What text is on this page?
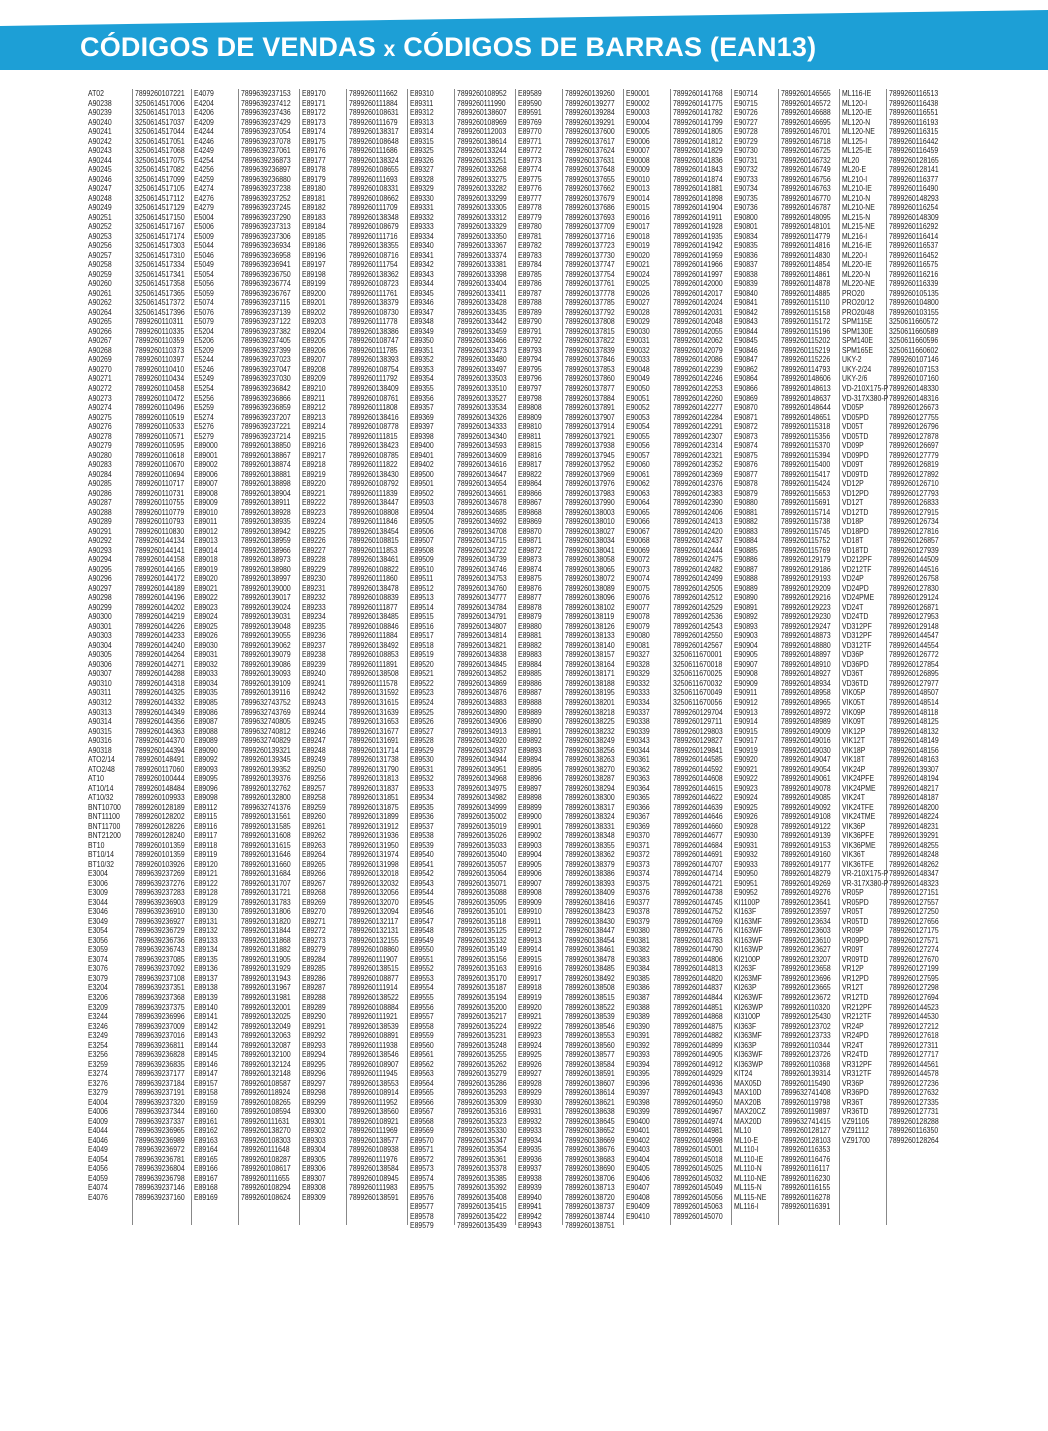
CÓDIGOS DE VENDAS x CÓDIGOS DE BARRAS (EAN13)
AT02
A90238
A90239
A90240
A90241
A90242
A90243
A90244
A90245
A90246
A90247
A90248
A90249
A90251
A90252
A90253
A90256
A90257
A90258
A90259
A90260
A90261
A90262
A90264
A90265
A90266
A90267
A90268
A90269
A90270
A90271
A90272
A90273
A90274
A90275
A90276
A90278
A90279
A90280
A90283
A90284
A90285
A90286
A90287
A90288
A90289
A90291
A90292
A90293
A90294
A90295
A90296
A90297
A90298
A90299
A90300
A90301
A90303
A90304
A90305
A90306
A90307
A90310
A90311
A90312
A90313
A90314
A90315
A90316
A90318
ATO2/14
ATO2/48
AT10
AT10/14
AT10/32
BNT10700
BNT11100
BNT11700
BNT21200
BT10
BT10/14
BT10/32
E3004
E3006
E3009
E3044
E3046
E3049
E3054
E3056
E3059
E3074
E3076
E3079
E3204
E3206
E3209
E3244
E3246
E3249
E3254
E3256
E3259
E3274
E3276
E3279
E4004
E4006
E4009
E4044
E4046
E4049
E4054
E4056
E4059
E4074
E4076
7899260107221
3250614517006
3250614517013
3250614517037
3250614517044
3250614517051
3250614517068
3250614517075
3250614517082
3250614517099
3250614517105
3250614517112
3250614517129
3250614517150
3250614517167
3250614517174
3250614517303
3250614517310
3250614517334
3250614517341
3250614517358
3250614517365
3250614517372
3250614517396
7899260110311
7899260110335
7899260110359
7899260110373
7899260110397
7899260110410
7899260110434
7899260110458
7899260110472
7899260110496
7899260110519
7899260110533
7899260110571
7899260110595
7899260110618
7899260110670
7899260110694
7899260110717
7899260110731
7899260110755
7899260110779
7899260110793
7899260110830
7899260144134
7899260144141
7899260144158
7899260144165
7899260144172
7899260144189
7899260144196
7899260144202
7899260144219
7899260144226
7899260144233
7899260144240
7899260144264
7899260144271
7899260144288
7899260144318
7899260144325
7899260144332
7899260144349
7899260144356
7899260144363
7899260144370
7899260144394
7899260148491
7899260117060
7899260100444
7899260148484
7899260109933
7899260128189
7899260128202
7899260128226
7899260128240
7899260101359
7899260101359
7899260103926
7899639237269
7899639237276
7899639237283
7899639236903
7899639236910
7899639236927
7899639236729
7899639236736
7899639236743
7899639237085
7899639237092
7899639237108
7899639237351
7899639237368
7899639237375
7899639236996
7899639237009
7899639237016
7899639236811
7899639236828
7899639236835
7899639237177
7899639237184
7899639237191
7899639237320
7899639237344
7899639237337
7899639236965
7899639236989
7899639236972
7899639236781
7899639236804
7899639236798
7899639237146
7899639237160
E4079
E4204
E4206
E4209
E4244
E4246
E4249
E4254
E4256
E4259
E4274
E4276
E4279
E5004
E5006
E5009
E5044
E5046
E5049
E5054
E5056
E5059
E5074
E5076
E5079
E5204
E5206
E5209
E5244
E5246
E5249
E5254
E5256
E5259
E5274
E5276
E5279
E89000
E89001
E89002
E89006
E89007
E89008
E89009
E89010
E89011
E89012
E89013
E89014
E89018
E89019
E89020
E89021
E89022
E89023
E89024
E89025
E89026
E89030
E89031
E89032
E89033
E89034
E89035
E89085
E89086
E89087
E89088
E89089
E89090
E89092
E89093
E89095
E89096
E89098
E89112
E89115
E89116
E89117
E89118
E89119
E89120
E89121
E89122
E89128
E89129
E89130
E89131
E89132
E89133
E89134
E89135
E89136
E89137
E89138
E89139
E89140
E89141
E89142
E89143
E89144
E89145
E89146
E89147
E89157
E89158
E89159
E89160
E89161
E89162
E89163
E89164
E89165
E89166
E89167
E89168
E89169
7899639237153
7899639237412
7899639237436
7899639237429
7899639237054
7899639237078
7899639237061
7899639236873
7899639236897
7899639236880
7899639237238
7899639237252
7899639237245
7899639237290
7899639237313
7899639237306
7899639236934
7899639236958
7899639236941
7899639236750
7899639236774
7899639236767
7899639237115
7899639237139
7899639237122
7899639237382
7899639237405
7899639237399
7899639237023
7899639237047
7899639237030
7899639236842
7899639236866
7899639236859
7899639237207
7899639237221
7899639237214
7899260138850
7899260138867
7899260138874
7899260138881
7899260138898
7899260138904
7899260138911
7899260138928
7899260138935
7899260138942
7899260138959
7899260138966
7899260138973
7899260138980
7899260138997
7899260139000
7899260139017
7899260139024
7899260139031
7899260139048
7899260139055
7899260139062
7899260139079
7899260139086
7899260139093
7899260139109
7899260139116
7899632743752
7899632743769
7899632740805
7899632740812
7899632740829
7899260139321
7899260139345
7899260139352
7899260139376
7899260132762
7899260132800
7899632741376
7899260131561
7899260131585
7899260131608
7899260131615
7899260131646
7899260131660
7899260131684
7899260131707
7899260131721
7899260131783
7899260131806
7899260131820
7899260131844
7899260131868
7899260131882
7899260131905
7899260131929
7899260131943
7899260131967
7899260131981
7899260132001
7899260132025
7899260132049
7899260132063
7899260132087
7899260132100
7899260132124
7899260132148
7899260108587
7899260118924
7899260108265
7899260108594
7899260111631
7899260138270
7899260108303
7899260111648
7899260108287
7899260108617
7899260111655
7899260108294
7899260108624
E89170
E89171
E89172
E89173
E89174
E89175
E89176
E89177
E89178
E89179
E89180
E89181
E89182
E89183
E89184
E89185
E89186
E89196
E89197
E89198
E89199
E89200
E89201
E89202
E89203
E89204
E89205
E89206
E89207
E89208
E89209
E89210
E89211
E89212
E89213
E89214
E89215
E89216
E89217
E89218
E89219
E89220
E89221
E89222
E89223
E89224
E89225
E89226
E89227
E89228
E89229
E89230
E89231
E89232
E89233
E89234
E89235
E89236
E89237
E89238
E89239
E89240
E89241
E89242
E89243
E89244
E89245
E89246
E89247
E89248
E89249
E89250
E89256
E89257
E89258
E89259
E89260
E89261
E89262
E89263
E89264
E89265
E89266
E89267
E89268
E89269
E89270
E89271
E89272
E89273
E89279
E89284
E89285
E89286
E89287
E89288
E89289
E89290
E89291
E89292
E89293
E89294
E89295
E89296
E89297
E89298
E89299
E89300
E89301
E89302
E89303
E89304
E89305
E89306
E89307
E89308
E89309
7899260111662
7899260111884
7899260108631
7899260111679
7899260138317
7899260108648
7899260111686
7899260138324
7899260108655
7899260111693
7899260108331
7899260108662
7899260111709
7899260138348
7899260108679
7899260111716
7899260138355
7899260108716
7899260111754
7899260138362
7899260108723
7899260111761
7899260138379
7899260108730
7899260111778
7899260138386
7899260108747
7899260111785
7899260138393
7899260108754
7899260111792
7899260138409
7899260108761
7899260111808
7899260138416
7899260108778
7899260111815
7899260138423
7899260108785
7899260111822
7899260138430
7899260108792
7899260111839
7899260138447
7899260108808
7899260111846
7899260138454
7899260108815
7899260111853
7899260138461
7899260108822
7899260111860
7899260138478
7899260108839
7899260111877
7899260138485
7899260108846
7899260111884
7899260138492
7899260108853
7899260111891
7899260138508
7899260111578
7899260131592
7899260131615
7899260131639
7899260131653
7899260131677
7899260131691
7899260131714
7899260131738
7899260131790
7899260131813
7899260131837
7899260131851
7899260131875
7899260131899
7899260131912
7899260131936
7899260131950
7899260131974
7899260131998
7899260132018
7899260132032
7899260132056
7899260132070
7899260132094
7899260132117
7899260132131
7899260132155
7899260108860
7899260111907
7899260138515
7899260108877
7899260111914
7899260138522
7899260108884
7899260111921
7899260138539
7899260108891
7899260111938
7899260138546
7899260108907
7899260111945
7899260138553
7899260108914
7899260111952
7899260138560
7899260108921
7899260111969
7899260138577
7899260108938
7899260111976
7899260138584
7899260108945
7899260111983
7899260138591
E89310
E89311
E89312
E89313
E89314
E89315
E89325
E89326
E89327
E89328
E89329
E89330
E89331
E89332
E89333
E89334
E89340
E89341
E89342
E89343
E89344
E89345
E89346
E89347
E89348
E89349
E89350
E89351
E89352
E89353
E89354
E89355
E89356
E89357
E89369
E89397
E89398
E89400
E89401
E89402
E89500
E89501
E89502
E89503
E89504
E89505
E89506
E89507
E89508
E89509
E89510
E89511
E89512
E89513
E89514
E89515
E89516
E89517
E89518
E89519
E89520
E89521
E89522
E89523
E89524
E89525
E89526
E89527
E89528
E89529
E89530
E89531
E89532
E89533
E89534
E89535
E89536
E89537
E89538
E89539
E89540
E89541
E89542
E89543
E89544
E89545
E89546
E89547
E89548
E89549
E89550
E89551
E89552
E89553
E89554
E89555
E89556
E89557
E89558
E89559
E89560
E89561
E89562
E89563
E89564
E89565
E89566
E89567
E89568
E89569
E89570
E89571
E89572
E89573
E89574
E89575
E89576
E89577
E89578
E89579
7899260108952
7899260111990
7899260138607
7899260108969
7899260112003
7899260138614
7899260133244
7899260133251
7899260133268
7899260133275
7899260133282
7899260133299
7899260133305
7899260133312
7899260133329
7899260133350
7899260133367
7899260133374
7899260133381
7899260133398
7899260133404
7899260133411
7899260133428
7899260133435
7899260133442
7899260133459
7899260133466
7899260133473
7899260133480
7899260133497
7899260133503
7899260133510
7899260133527
7899260133534
7899260134326
7899260134333
7899260134340
7899260134593
7899260134609
7899260134616
7899260134647
7899260134654
7899260134661
7899260134678
7899260134685
7899260134692
7899260134708
7899260134715
7899260134722
7899260134739
7899260134746
7899260134753
7899260134760
7899260134777
7899260134784
7899260134791
7899260134807
7899260134814
7899260134821
7899260134838
7899260134845
7899260134852
7899260134869
7899260134876
7899260134883
7899260134890
7899260134906
7899260134913
7899260134920
7899260134937
7899260134944
7899260134951
7899260134968
7899260134975
7899260134982
7899260134999
7899260135002
7899260135019
7899260135026
7899260135033
7899260135040
7899260135057
7899260135064
7899260135071
7899260135088
7899260135095
7899260135101
7899260135118
7899260135125
7899260135132
7899260135149
7899260135156
7899260135163
7899260135170
7899260135187
7899260135194
7899260135200
7899260135217
7899260135224
7899260135231
7899260135248
7899260135255
7899260135262
7899260135279
7899260135286
7899260135293
7899260135309
7899260135316
7899260135323
7899260135330
7899260135347
7899260135354
7899260135361
7899260135378
7899260135385
7899260135392
7899260135408
7899260135415
7899260135422
7899260135439
E89589
E89590
E89591
E89769
E89770
E89771
E89772
E89773
E89774
E89775
E89776
E89777
E89778
E89779
E89780
E89781
E89782
E89783
E89784
E89785
E89786
E89787
E89788
E89789
E89790
E89791
E89792
E89793
E89794
E89795
E89796
E89797
E89798
E89808
E89809
E89810
E89811
E89815
E89816
E89817
E89822
E89864
E89866
E89867
E89868
E89869
E89870
E89871
E89872
E89873
E89874
E89875
E89876
E89877
E89878
E89879
E89880
E89881
E89882
E89883
E89884
E89885
E89886
E89887
E89888
E89889
E89890
E89891
E89892
E89893
E89894
E89895
E89896
E89897
E89898
E89899
E89900
E89901
E89902
E89903
E89904
E89905
E89906
E89907
E89908
E89909
E89910
E89911
E89912
E89913
E89914
E89915
E89916
E89917
E89918
E89919
E89920
E89921
E89922
E89923
E89924
E89925
E89926
E89927
E89928
E89929
E89930
E89931
E89932
E89933
E89934
E89935
E89936
E89937
E89938
E89939
E89940
E89941
E89942
E89943
7899260139260
7899260139277
7899260139284
7899260139291
7899260137600
7899260137617
7899260137624
7899260137631
7899260137648
7899260137655
7899260137662
7899260137679
7899260137686
7899260137693
7899260137709
7899260137716
7899260137723
7899260137730
7899260137747
7899260137754
7899260137761
7899260137778
7899260137785
7899260137792
7899260137808
7899260137815
7899260137822
7899260137839
7899260137846
7899260137853
7899260137860
7899260137877
7899260137884
7899260137891
7899260137907
7899260137914
7899260137921
7899260137938
7899260137945
7899260137952
7899260137969
7899260137976
7899260137983
7899260137990
7899260138003
7899260138010
7899260138027
7899260138034
7899260138041
7899260138058
7899260138065
7899260138072
7899260138089
7899260138096
7899260138102
7899260138119
7899260138126
7899260138133
7899260138140
7899260138157
7899260138164
7899260138171
7899260138188
7899260138195
7899260138201
7899260138218
7899260138225
7899260138232
7899260138249
7899260138256
7899260138263
7899260138270
7899260138287
7899260138294
7899260138300
7899260138317
7899260138324
7899260138331
7899260138348
7899260138355
7899260138362
7899260138379
7899260138386
7899260138393
7899260138409
7899260138416
7899260138423
7899260138430
7899260138447
7899260138454
7899260138461
7899260138478
7899260138485
7899260138492
7899260138508
7899260138515
7899260138522
7899260138539
7899260138546
7899260138553
7899260138560
7899260138577
7899260138584
7899260138591
7899260138607
7899260138614
7899260138621
7899260138638
7899260138645
7899260138652
7899260138669
7899260138676
7899260138683
7899260138690
7899260138706
7899260138713
7899260138720
7899260138737
7899260138744
7899260138751
E90001
E90002
E90003
E90004
E90005
E90006
E90007
E90008
E90009
E90010
E90013
E90014
E90015
E90016
E90017
E90018
E90019
E90020
E90021
E90024
E90025
E90026
E90027
E90028
E90029
E90030
E90031
E90032
E90033
E90048
E90049
E90050
E90051
E90052
E90053
E90054
E90055
E90056
E90057
E90060
E90061
E90062
E90063
E90064
E90065
E90066
E90067
E90068
E90069
E90072
E90073
E90074
E90075
E90076
E90077
E90078
E90079
E90080
E90081
E90327
E90328
E90329
E90332
E90333
E90334
E90337
E90338
E90339
E90343
E90344
E90361
E90362
E90363
E90364
E90365
E90366
E90367
E90369
E90370
E90371
E90372
E90373
E90374
E90375
E90376
E90377
E90378
E90379
E90380
E90381
E90382
E90383
E90384
E90385
E90386
E90387
E90388
E90389
E90390
E90391
E90392
E90393
E90394
E90395
E90396
E90397
E90398
E90399
E90400
E90401
E90402
E90403
E90404
E90405
E90406
E90407
E90408
E90409
E90410
7899260141768
7899260141775
7899260141782
7899260141799
7899260141805
7899260141812
7899260141829
7899260141836
7899260141843
7899260141874
7899260141881
7899260141898
7899260141904
7899260141911
7899260141928
7899260141935
7899260141942
7899260141959
7899260141966
7899260141997
7899260142000
7899260142017
7899260142024
7899260142031
7899260142048
7899260142055
7899260142062
7899260142079
7899260142086
7899260142239
7899260142246
7899260142253
7899260142260
7899260142277
7899260142284
7899260142291
7899260142307
7899260142314
7899260142321
7899260142352
7899260142369
7899260142376
7899260142383
7899260142390
7899260142406
7899260142413
7899260142420
7899260142437
7899260142444
7899260142475
7899260142482
7899260142499
7899260142505
7899260142512
7899260142529
7899260142536
7899260142543
7899260142550
7899260142567
3250611670001
3250611670018
3250611670025
3250611670032
3250611670049
3250611670056
7899260129704
7899260129711
7899260129803
7899260129827
7899260129841
7899260144585
7899260144592
7899260144608
7899260144615
7899260144622
7899260144639
7899260144646
7899260144660
7899260144677
7899260144684
7899260144691
7899260144707
7899260144714
7899260144721
7899260144738
7899260144745
7899260144752
7899260144769
7899260144776
7899260144783
7899260144790
7899260144806
7899260144813
7899260144820
7899260144837
7899260144844
7899260144851
7899260144868
7899260144875
7899260144882
7899260144899
7899260144905
7899260144912
7899260144929
7899260144936
7899260144943
7899260144950
7899260144967
7899260144974
7899260144981
7899260144998
7899260145001
7899260145018
7899260145025
7899260145032
7899260145049
7899260145056
7899260145063
7899260145070
E90714
E90715
E90726
E90727
E90728
E90729
E90730
E90731
E90732
E90733
E90734
E90735
E90736
E90800
E90801
E90834
E90835
E90836
E90837
E90838
E90839
E90840
E90841
E90842
E90843
E90844
E90845
E90846
E90847
E90862
E90864
E90866
E90869
E90870
E90871
E90872
E90873
E90874
E90875
E90876
E90877
E90878
E90879
E90880
E90881
E90882
E90883
E90884
E90885
E90886
E90887
E90888
E90889
E90890
E90891
E90892
E90893
E90903
E90904
E90905
E90907
E90908
E90909
E90911
E90912
E90913
E90914
E90915
E90917
E90919
E90920
E90921
E90922
E90923
E90924
E90925
E90926
E90928
E90930
E90931
E90932
E90933
E90950
E90951
E90952
KI1100P
KI163F
KI163MF
KI163WF
KI163WF
KI163WP
KI2100P
KI263F
KI263MF
KI263P
KI263WF
KI263WP
KI3100P
KI363F
KI363MF
KI363P
KI363WF
KI363WP
KIT24
MAX05D
MAX10D
MAX20B
MAX20CZ
MAX20D
ML10
ML10-E
ML110-I
ML110-IE
ML110-N
ML110-NE
ML115-N
ML115-NE
ML116-I
7899260146565
7899260146572
7899260146688
7899260146695
7899260146701
7899260146718
7899260146725
7899260146732
7899260146749
7899260146756
7899260146763
7899260146770
7899260146787
7899260148095
7899260148101
7899260114779
7899260114816
7899260114830
7899260114854
7899260114861
7899260114878
7899260114885
7899260115110
7899260115158
7899260115172
7899260115196
7899260115202
7899260115219
7899260115226
7899260114793
7899260148606
7899260148613
7899260148637
7899260148644
7899260148651
7899260115318
7899260115356
7899260115370
7899260115394
7899260115400
7899260115417
7899260115424
7899260115653
7899260115691
7899260115714
7899260115738
7899260115745
7899260115752
7899260115769
7899260129179
7899260129186
7899260129193
7899260129209
7899260129216
7899260129223
7899260129230
7899260129247
7899260148873
7899260148880
7899260148897
7899260148910
7899260148927
7899260148934
7899260148958
7899260148965
7899260148972
7899260148989
7899260149009
7899260149016
7899260149030
7899260149047
7899260149054
7899260149061
7899260149078
7899260149085
7899260149092
7899260149108
7899260149122
7899260149139
7899260149153
7899260149160
7899260149177
7899260148279
7899260149269
7899260149276
7899260123641
7899260123597
7899260123634
7899260123603
7899260123610
7899260123627
7899260123207
7899260123658
7899260123696
7899260123665
7899260123672
7899260110320
7899260125430
7899260123702
7899260123733
7899260110344
7899260123726
7899260110368
7899260139314
7899260115490
7899632741408
7899260119798
7899260119897
7899632741415
7899260128127
7899260128103
7899260116353
7899260116476
7899260116117
7899260116230
7899260116155
7899260116278
7899260116391
ML116-IE
ML120-I
ML120-IE
ML120-N
ML120-NE
ML125-I
ML125-IE
ML20
ML20-E
ML210-I
ML210-IE
ML210-N
ML210-NE
ML215-N
ML215-NE
ML216-I
ML216-IE
ML220-I
ML220-IE
ML220-N
ML220-NE
PRO20
PRO20/12
PRO20/48
SPM115E
SPM130E
SPM140E
SPM165E
UKY-2
UKY-2/24
UKY-2/6
VD-210X175-P
VD-317X380-P
VD05P
VD05PD
VD05T
VD05TD
VD09P
VD09PD
VD09T
VD09TD
VD12P
VD12PD
VD12T
VD12TD
VD18P
VD18PD
VD18T
VD18TD
VD212PF
VD212TF
VD24P
VD24PD
VD24PME
VD24T
VD24TD
VD312PF
VD312PF
VD312TF
VD36P
VD36PD
VD36T
VD36TD
VIK05P
VIK05T
VIK09P
VIK09T
VIK12P
VIK12T
VIK18P
VIK18T
VIK24P
VIK24PFE
VIK24PME
VIK24T
VIK24TFE
VIK24TME
VIK36P
VIK36PFE
VIK36PME
VIK36T
VIK36TFE
VR-210X175-P
VR-317X380-P
VR05P
VR05PD
VR05T
VR05TD
VR09P
VR09PD
VR09T
VR09TD
VR12P
VR12PD
VR12T
VR12TD
VR212PF
VR212TF
VR24P
VR24PD
VR24T
VR24TD
VR312PF
VR312TF
VR36P
VR36PD
VR36T
VR36TD
VZ91105
VZ91112
VZ91700
7899260116513
7899260116438
7899260116551
7899260116193
7899260116315
7899260116442
7899260116459
7899260128165
7899260128141
7899260116377
7899260116490
7899260148293
7899260116254
7899260148309
7899260116292
7899260116414
7899260116537
7899260116452
7899260116575
7899260116216
7899260116339
7899260105135
7899260104800
7899260103155
3250611660572
3250611660589
3250611660596
3250611660602
7899260107146
7899260107153
7899260107160
7899260148330
7899260148316
7899260126673
7899260127755
7899260126796
7899260127878
7899260126697
7899260127779
7899260126819
7899260127892
7899260126710
7899260127793
7899260126833
7899260127915
7899260126734
7899260127816
7899260126857
7899260127939
7899260144509
7899260144516
7899260126758
7899260127830
7899260129124
7899260126871
7899260127953
7899260129148
7899260144547
7899260144554
7899260126772
7899260127854
7899260126895
7899260127977
7899260148507
7899260148514
7899260148118
7899260148125
7899260148132
7899260148149
7899260148156
7899260148163
7899260139307
7899260148194
7899260148217
7899260148187
7899260148200
7899260148224
7899260148231
7899260139291
7899260148255
7899260148248
7899260148262
7899260148347
7899260148323
7899260127151
7899260127557
7899260127250
7899260127656
7899260127175
7899260127571
7899260127274
7899260127670
7899260127199
7899260127595
7899260127298
7899260127694
7899260144523
7899260144530
7899260127212
7899260127618
7899260127311
7899260127717
7899260144561
7899260144578
7899260127236
7899260127632
7899260127335
7899260127731
7899260128288
7899260116350
7899260128264
